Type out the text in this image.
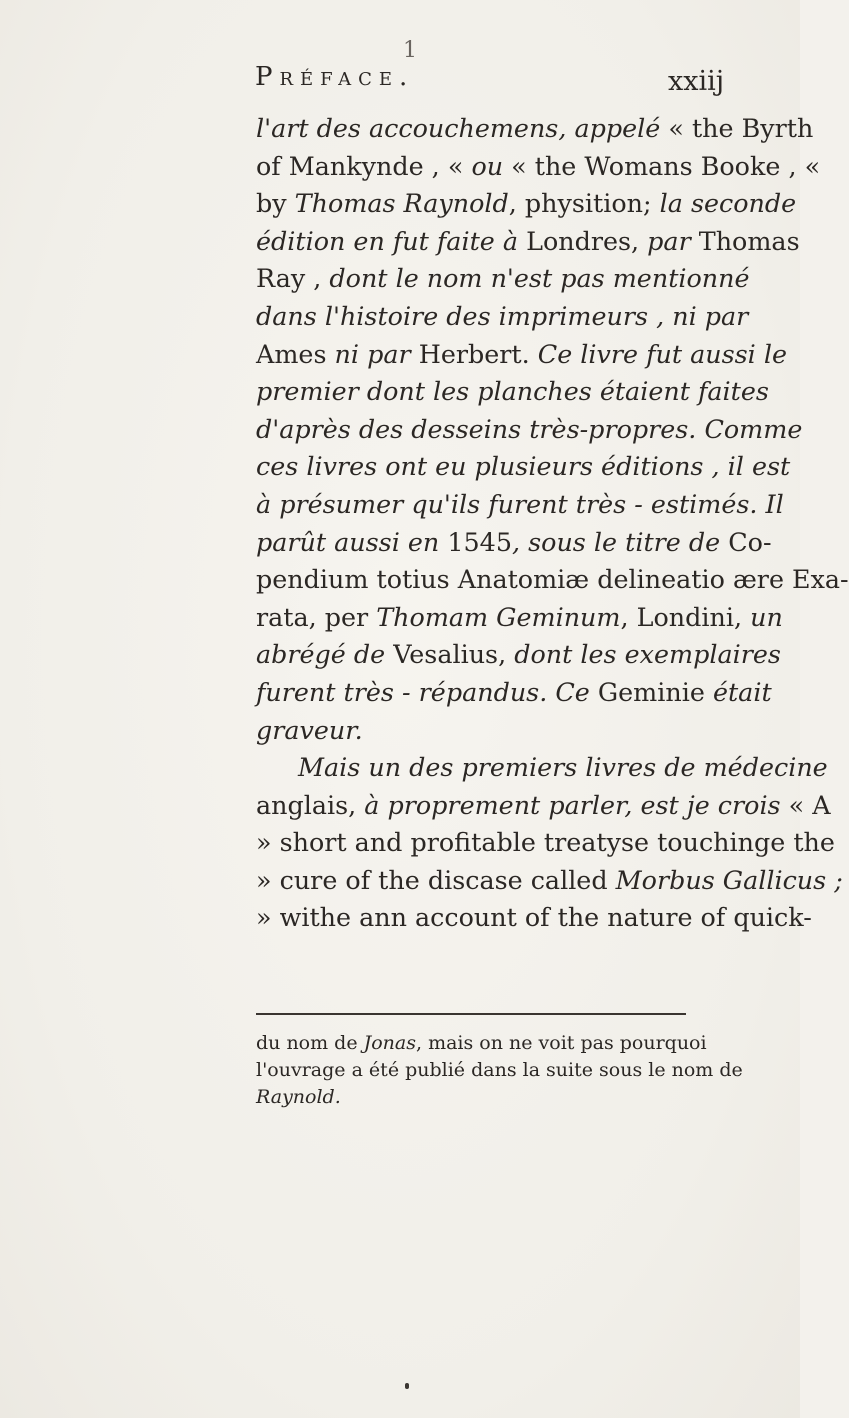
1
Préface.	xxiij
l'art des accouchemens, appelé « the Byrth
of Mankynde , « ou « the Womans Booke , «
by Thomas Raynold, physition; la seconde
édition en fut faite à Londres, par Thomas
Ray , dont le nom n'est pas mentionné
dans l'histoire des imprimeurs , ni par
Ames ni par Herbert. Ce livre fut aussi le
premier dont les planches étaient faites
d'après des desseins très-propres. Comme
ces livres ont eu plusieurs éditions , il est
à présumer qu'ils furent très - estimés. Il
parût aussi en 1545, sous le titre de Co-
pendium totius Anatomiæ delineatio ære Exa-
rata, per Thomam Geminum, Londini, un
abrégé de Vesalius, dont les exemplaires
furent très - répandus. Ce Geminie était
graveur.
Mais un des premiers livres de médecine
anglais, à proprement parler, est je crois « A
» short and profitable treatyse touchinge the
» cure of the discase called Morbus Gallicus ;
» withe ann account of the nature of quick-
du nom de Jonas, mais on ne voit pas pourquoi
l'ouvrage a été publié dans la suite sous le nom de
Raynold.
